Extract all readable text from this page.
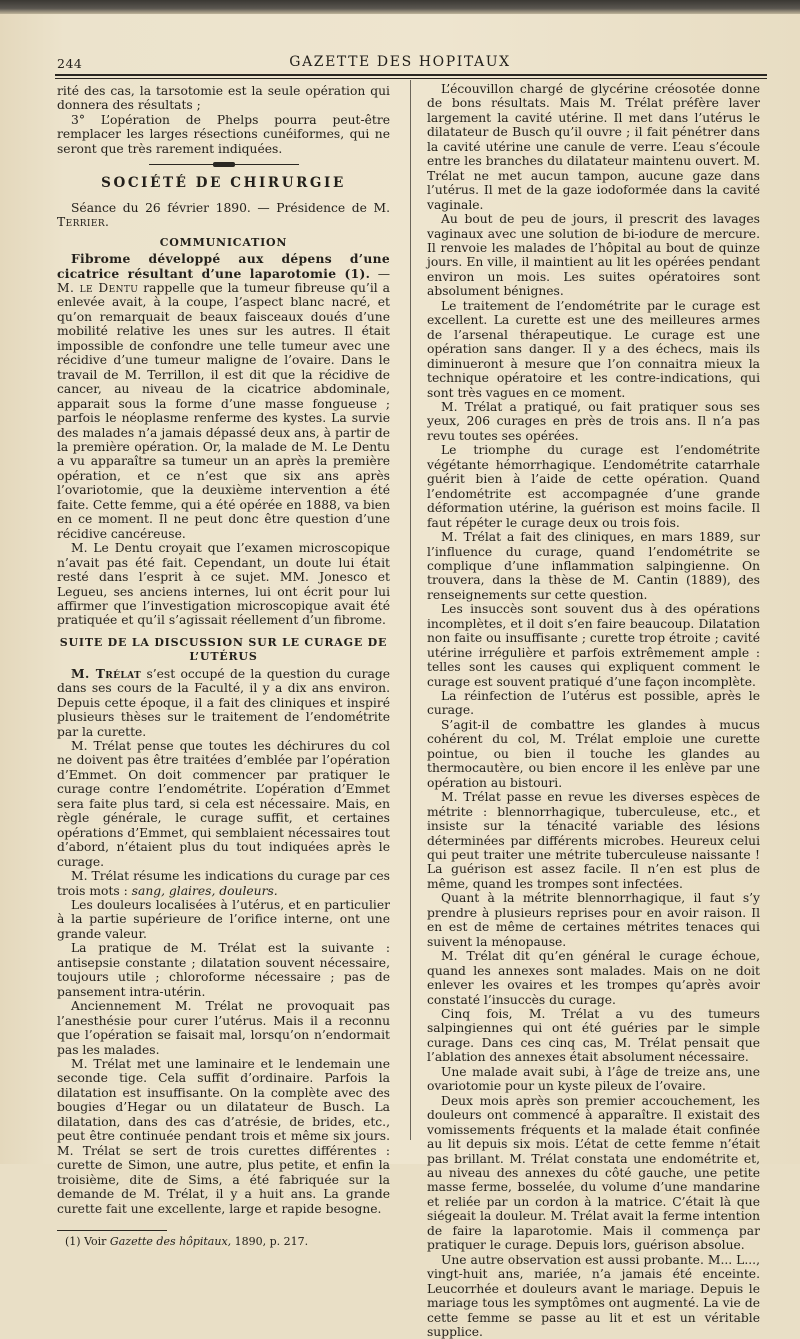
244	GAZETTE DES HOPITAUX

rité des cas, la tarsotomie est la seule opération qui donnera des résultats ;

3° L’opération de Phelps pourra peut-être remplacer les larges résections cunéiformes, qui ne seront que très rarement indiquées.

SOCIÉTÉ DE CHIRURGIE

Séance du 26 février 1890. — Présidence de M. Terrier.

COMMUNICATION

Fibrome développé aux dépens d’une cicatrice résultant d’une laparotomie (1). — M. le Dentu rappelle que la tumeur fibreuse qu’il a enlevée avait, à la coupe, l’aspect blanc nacré, et qu’on remarquait de beaux faisceaux doués d’une mobilité relative les unes sur les autres. Il était impossible de confondre une telle tumeur avec une récidive d’une tumeur maligne de l’ovaire. Dans le travail de M. Terrillon, il est dit que la récidive de cancer, au niveau de la cicatrice abdominale, apparait sous la forme d’une masse fongueuse ; parfois le néoplasme renferme des kystes. La survie des malades n’a jamais dépassé deux ans, à partir de la première opération. Or, la malade de M. Le Dentu a vu apparaître sa tumeur un an après la première opération, et ce n’est que six ans après l’ovariotomie, que la deuxième intervention a été faite. Cette femme, qui a été opérée en 1888, va bien en ce moment. Il ne peut donc être question d’une récidive cancéreuse.

M. Le Dentu croyait que l’examen microscopique n’avait pas été fait. Cependant, un doute lui était resté dans l’esprit à ce sujet. MM. Jonesco et Legueu, ses anciens internes, lui ont écrit pour lui affirmer que l’investigation microscopique avait été pratiquée et qu’il s’agissait réellement d’un fibrome.

SUITE DE LA DISCUSSION SUR LE CURAGE DE L’UTÉRUS

M. Trélat s’est occupé de la question du curage dans ses cours de la Faculté, il y a dix ans environ. Depuis cette époque, il a fait des cliniques et inspiré plusieurs thèses sur le traitement de l’endométrite par la curette.

M. Trélat pense que toutes les déchirures du col ne doivent pas être traitées d’emblée par l’opération d’Emmet. On doit commencer par pratiquer le curage contre l’endométrite. L’opération d’Emmet sera faite plus tard, si cela est nécessaire. Mais, en règle générale, le curage suffit, et certaines opérations d’Emmet, qui semblaient nécessaires tout d’abord, n’étaient plus du tout indiquées après le curage.

M. Trélat résume les indications du curage par ces trois mots : sang, glaires, douleurs.

Les douleurs localisées à l’utérus, et en particulier à la partie supérieure de l’orifice interne, ont une grande valeur.

La pratique de M. Trélat est la suivante : antisepsie constante ; dilatation souvent nécessaire, toujours utile ; chloroforme nécessaire ; pas de pansement intra-utérin.

Anciennement M. Trélat ne provoquait pas l’anesthésie pour curer l’utérus. Mais il a reconnu que l’opération se faisait mal, lorsqu’on n’endormait pas les malades.

M. Trélat met une laminaire et le lendemain une seconde tige. Cela suffit d’ordinaire. Parfois la dilatation est insuffisante. On la complète avec des bougies d’Hegar ou un dilatateur de Busch. La dilatation, dans des cas d’atrésie, de brides, etc., peut être continuée pendant trois et même six jours. M. Trélat se sert de trois curettes différentes : curette de Simon, une autre, plus petite, et enfin la troisième, dite de Sims, a été fabriquée sur la demande de M. Trélat, il y a huit ans. La grande curette fait une excellente, large et rapide besogne.

(1) Voir Gazette des hôpitaux, 1890, p. 217.

L’écouvillon chargé de glycérine créosotée donne de bons résultats. Mais M. Trélat préfère laver largement la cavité utérine. Il met dans l’utérus le dilatateur de Busch qu’il ouvre ; il fait pénétrer dans la cavité utérine une canule de verre. L’eau s’écoule entre les branches du dilatateur maintenu ouvert. M. Trélat ne met aucun tampon, aucune gaze dans l’utérus. Il met de la gaze iodoformée dans la cavité vaginale.

Au bout de peu de jours, il prescrit des lavages vaginaux avec une solution de bi-iodure de mercure. Il renvoie les malades de l’hôpital au bout de quinze jours. En ville, il maintient au lit les opérées pendant environ un mois. Les suites opératoires sont absolument bénignes.

Le traitement de l’endométrite par le curage est excellent. La curette est une des meilleures armes de l’arsenal thérapeutique. Le curage est une opération sans danger. Il y a des échecs, mais ils diminueront à mesure que l’on connaitra mieux la technique opératoire et les contre-indications, qui sont très vagues en ce moment.

M. Trélat a pratiqué, ou fait pratiquer sous ses yeux, 206 curages en près de trois ans. Il n’a pas revu toutes ses opérées.

Le triomphe du curage est l’endométrite végétante hémorrhagique. L’endométrite catarrhale guérit bien à l’aide de cette opération. Quand l’endométrite est accompagnée d’une grande déformation utérine, la guérison est moins facile. Il faut répéter le curage deux ou trois fois.

M. Trélat a fait des cliniques, en mars 1889, sur l’influence du curage, quand l’endométrite se complique d’une inflammation salpingienne. On trouvera, dans la thèse de M. Cantin (1889), des renseignements sur cette question.

Les insuccès sont souvent dus à des opérations incomplètes, et il doit s’en faire beaucoup. Dilatation non faite ou insuffisante ; curette trop étroite ; cavité utérine irrégulière et parfois extrêmement ample : telles sont les causes qui expliquent comment le curage est souvent pratiqué d’une façon incomplète.

La réinfection de l’utérus est possible, après le curage.

S’agit-il de combattre les glandes à mucus cohérent du col, M. Trélat emploie une curette pointue, ou bien il touche les glandes au thermocautère, ou bien encore il les enlève par une opération au bistouri.

M. Trélat passe en revue les diverses espèces de métrite : blennorrhagique, tuberculeuse, etc., et insiste sur la ténacité variable des lésions déterminées par différents microbes. Heureux celui qui peut traiter une métrite tuberculeuse naissante ! La guérison est assez facile. Il n’en est plus de même, quand les trompes sont infectées.

Quant à la métrite blennorrhagique, il faut s’y prendre à plusieurs reprises pour en avoir raison. Il en est de même de certaines métrites tenaces qui suivent la ménopause.

M. Trélat dit qu’en général le curage échoue, quand les annexes sont malades. Mais on ne doit enlever les ovaires et les trompes qu’après avoir constaté l’insuccès du curage.

Cinq fois, M. Trélat a vu des tumeurs salpingiennes qui ont été guéries par le simple curage. Dans ces cinq cas, M. Trélat pensait que l’ablation des annexes était absolument nécessaire.

Une malade avait subi, à l’âge de treize ans, une ovariotomie pour un kyste pileux de l’ovaire.

Deux mois après son premier accouchement, les douleurs ont commencé à apparaître. Il existait des vomissements fréquents et la malade était confinée au lit depuis six mois. L’état de cette femme n’était pas brillant. M. Trélat constata une endométrite et, au niveau des annexes du côté gauche, une petite masse ferme, bosselée, du volume d’une mandarine et reliée par un cordon à la matrice. C’était là que siégeait la douleur. M. Trélat avait la ferme intention de faire la laparotomie. Mais il commença par pratiquer le curage. Depuis lors, guérison absolue.

Une autre observation est aussi probante. M... L..., vingt-huit ans, mariée, n’a jamais été enceinte. Leucorrhée et douleurs avant le mariage. Depuis le mariage tous les symptômes ont augmenté. La vie de cette femme se passe au lit et est un véritable supplice.
